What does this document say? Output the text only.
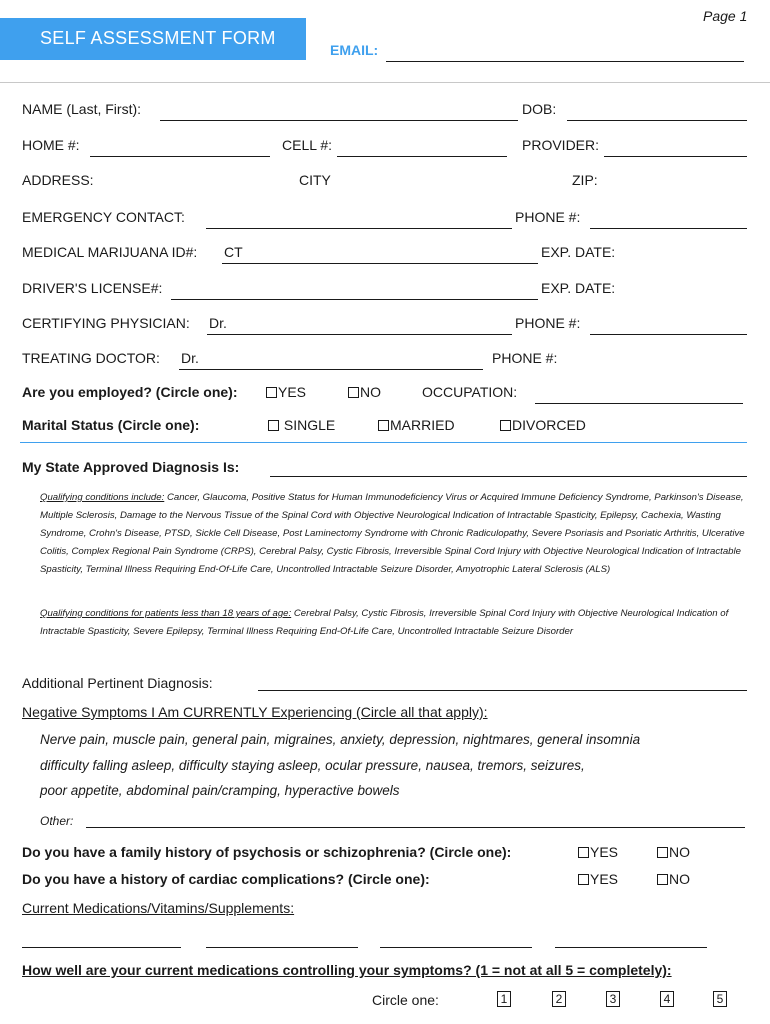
SELF ASSESSMENT FORM
EMAIL:
Page 1
NAME (Last, First):	DOB:
HOME #:	CELL #:	PROVIDER:
ADDRESS:	CITY	ZIP:
EMERGENCY CONTACT:	PHONE #:
MEDICAL MARIJUANA ID#: CT	EXP. DATE:
DRIVER'S LICENSE#:	EXP. DATE:
CERTIFYING PHYSICIAN: Dr.	PHONE #:
TREATING DOCTOR: Dr.	PHONE #:
Are you employed? (Circle one):	YES	NO	OCCUPATION:
Marital Status (Circle one):	SINGLE	MARRIED	DIVORCED
My State Approved Diagnosis Is:
Qualifying conditions include: Cancer, Glaucoma, Positive Status for Human Immunodeficiency Virus or Acquired Immune Deficiency Syndrome, Parkinson's Disease, Multiple Sclerosis, Damage to the Nervous Tissue of the Spinal Cord with Objective Neurological Indication of Intractable Spasticity, Epilepsy, Cachexia, Wasting Syndrome, Crohn's Disease, PTSD, Sickle Cell Disease, Post Laminectomy Syndrome with Chronic Radiculopathy, Severe Psoriasis and Psoriatic Arthritis, Ulcerative Colitis, Complex Regional Pain Syndrome (CRPS), Cerebral Palsy, Cystic Fibrosis, Irreversible Spinal Cord Injury with Objective Neurological Indication of Intractable Spasticity, Terminal Illness Requiring End-Of-Life Care, Uncontrolled Intractable Seizure Disorder, Amyotrophic Lateral Sclerosis (ALS)
Qualifying conditions for patients less than 18 years of age: Cerebral Palsy, Cystic Fibrosis, Irreversible Spinal Cord Injury with Objective Neurological Indication of Intractable Spasticity, Severe Epilepsy, Terminal Illness Requiring End-Of-Life Care, Uncontrolled Intractable Seizure Disorder
Additional Pertinent Diagnosis:
Negative Symptoms I Am CURRENTLY Experiencing (Circle all that apply):
Nerve pain, muscle pain, general pain, migraines, anxiety, depression, nightmares, general insomnia
difficulty falling asleep, difficulty staying asleep, ocular pressure, nausea, tremors, seizures,
poor appetite, abdominal pain/cramping, hyperactive bowels
Other:
Do you have a family history of psychosis or schizophrenia? (Circle one):	YES	NO
Do you have a history of cardiac complications? (Circle one):	YES	NO
Current Medications/Vitamins/Supplements:
How well are your current medications controlling your symptoms? (1 = not at all 5 = completely):
Circle one:	1	2	3	4	5
